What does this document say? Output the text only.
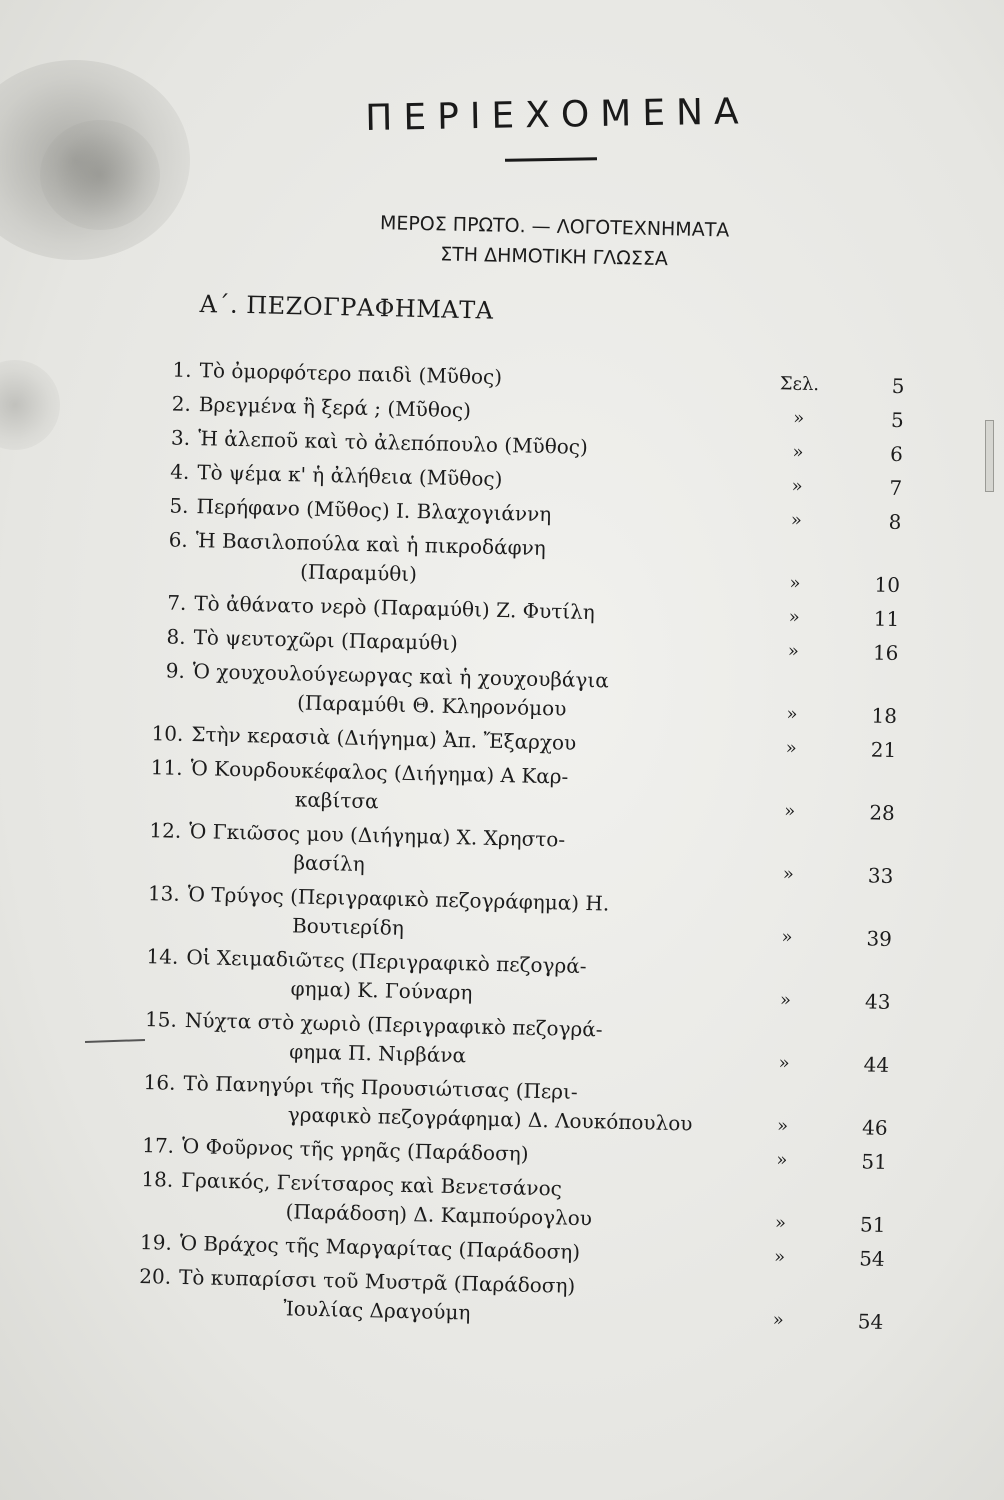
ΠΕΡΙΕΧΟΜΕΝΑ
ΜΕΡΟΣ ΠΡΩΤΟ. — ΛΟΓΟΤΕΧΝΗΜΑΤΑ
ΣΤΗ ΔΗΜΟΤΙΚΗ ΓΛΩΣΣΑ
Α΄. ΠΕΖΟΓΡΑΦΗΜΑΤΑ
1. Τὸ ὀμορφότερο παιδὶ (Μῦθος)	Σελ.	5
2. Βρεγμένα ἢ ξερά ; (Μῦθος)	»	5
3. Ἡ ἀλεποῦ καὶ τὸ ἀλεπόπουλο (Μῦθος)	»	6
4. Τὸ ψέμα κ' ἡ ἀλήθεια (Μῦθος)	»	7
5. Περήφανο (Μῦθος) Ι. Βλαχογιάννη	»	8
6. Ἡ Βασιλοπούλα καὶ ἡ πικροδάφνη
(Παραμύθι)	»	10
7. Τὸ ἀθάνατο νερὸ (Παραμύθι) Ζ. Φυτίλη	»	11
8. Τὸ ψευτοχῶρι (Παραμύθι)	»	16
9. Ὁ χουχουλούγεωργας καὶ ἡ χουχουβάγια
(Παραμύθι Θ. Κληρονόμου	»	18
10. Στὴν κερασιὰ (Διήγημα) Ἀπ. Ἔξαρχου	»	21
11. Ὁ Κουρδουκέφαλος (Διήγημα) Α Καρ-
καβίτσα	»	28
12. Ὁ Γκιῶσος μου (Διήγημα) Χ. Χρηστο-
βασίλη	»	33
13. Ὁ Τρύγος (Περιγραφικὸ πεζογράφημα) Η.
Βουτιερίδη	»	39
14. Οἱ Χειμαδιῶτες (Περιγραφικὸ πεζογρά-
φημα) Κ. Γούναρη	»	43
15. Νύχτα στὸ χωριὸ (Περιγραφικὸ πεζογρά-
φημα Π. Νιρβάνα	»	44
16. Τὸ Πανηγύρι τῆς Προυσιώτισας (Περι-
γραφικὸ πεζογράφημα) Δ. Λουκόπουλου	»	46
17. Ὁ Φοῦρνος τῆς γρηᾶς (Παράδοση)	»	51
18. Γραικός, Γενίτσαρος καὶ Βενετσάνος
(Παράδοση) Δ. Καμπούρογλου	»	51
19. Ὁ Βράχος τῆς Μαργαρίτας (Παράδοση)	»	54
20. Τὸ κυπαρίσσι τοῦ Μυστρᾶ (Παράδοση)
Ἰουλίας Δραγούμη	»	54
